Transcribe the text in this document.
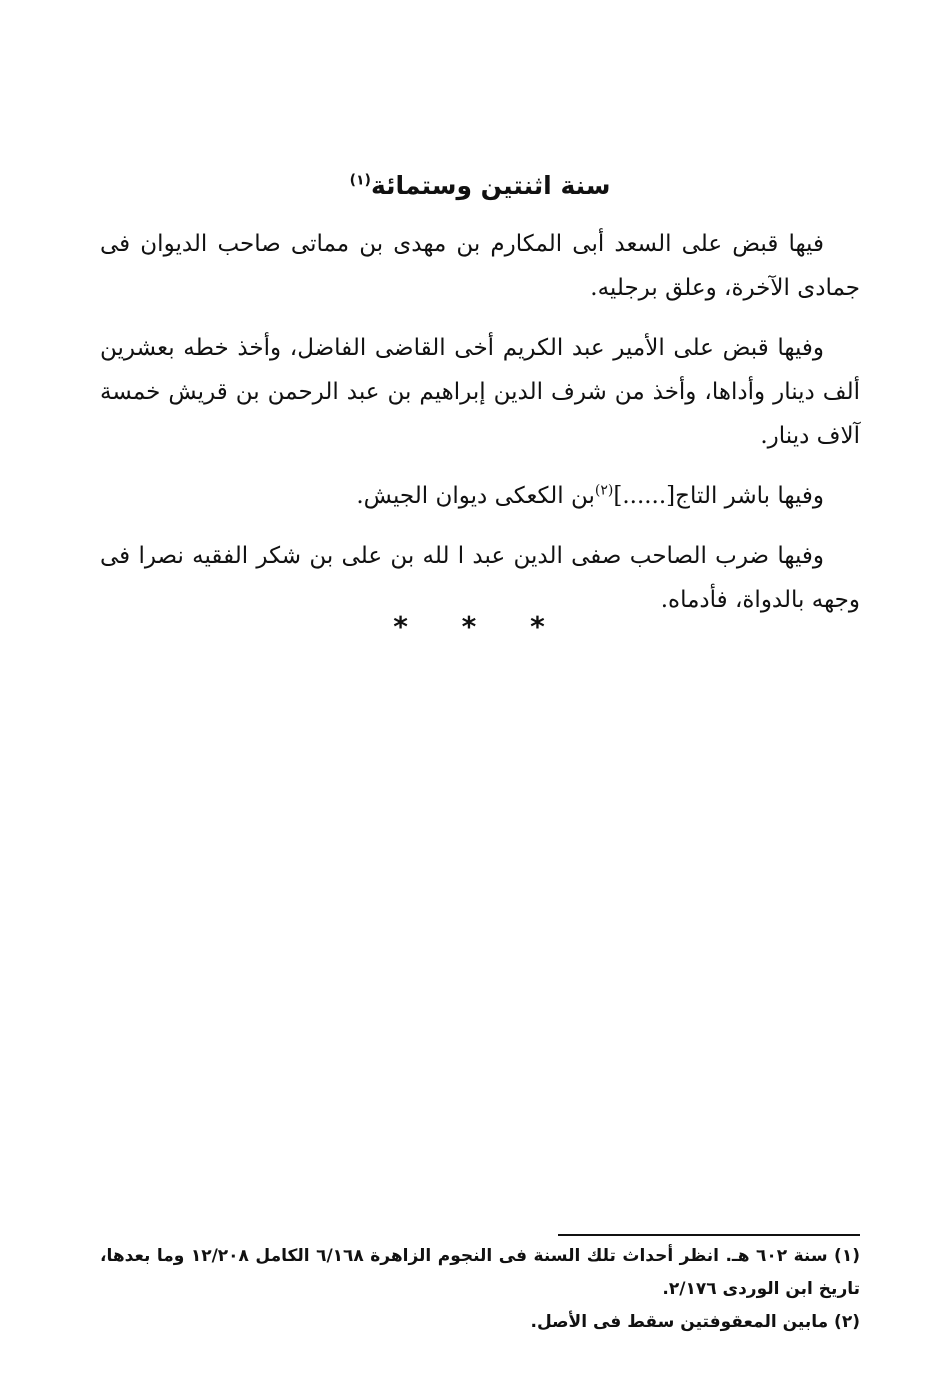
سنة اثنتين وستمائة$^{(١)}$

فيها قبض على السعد أبى المكارم بن مهدى بن مماتى صاحب الديوان فى جمادى الآخرة، وعلق برجليه.

وفيها قبض على الأمير عبد الكريم أخى القاضى الفاضل، وأخذ خطه بعشرين ألف دينار وأداها، وأخذ من شرف الدين إبراهيم بن عبد الرحمن بن قريش خمسة آلاف دينار.

وفيها باشر التاج[......]$^{(٢)}$بن الكعكى ديوان الجيش.

وفيها ضرب الصاحب صفى الدين عبد ا لله بن على بن شكر الفقيه نصرا فى وجهه بالدواة، فأدماه.

* * *

(١) سنة ٦٠٢ هـ. انظر أحداث تلك السنة فى النجوم الزاهرة ٦/١٦٨ الكامل ١٢/٢٠٨ وما بعدها، تاريخ ابن الوردى ٢/١٧٦.

(٢) مابين المعقوفتين سقط فى الأصل.
